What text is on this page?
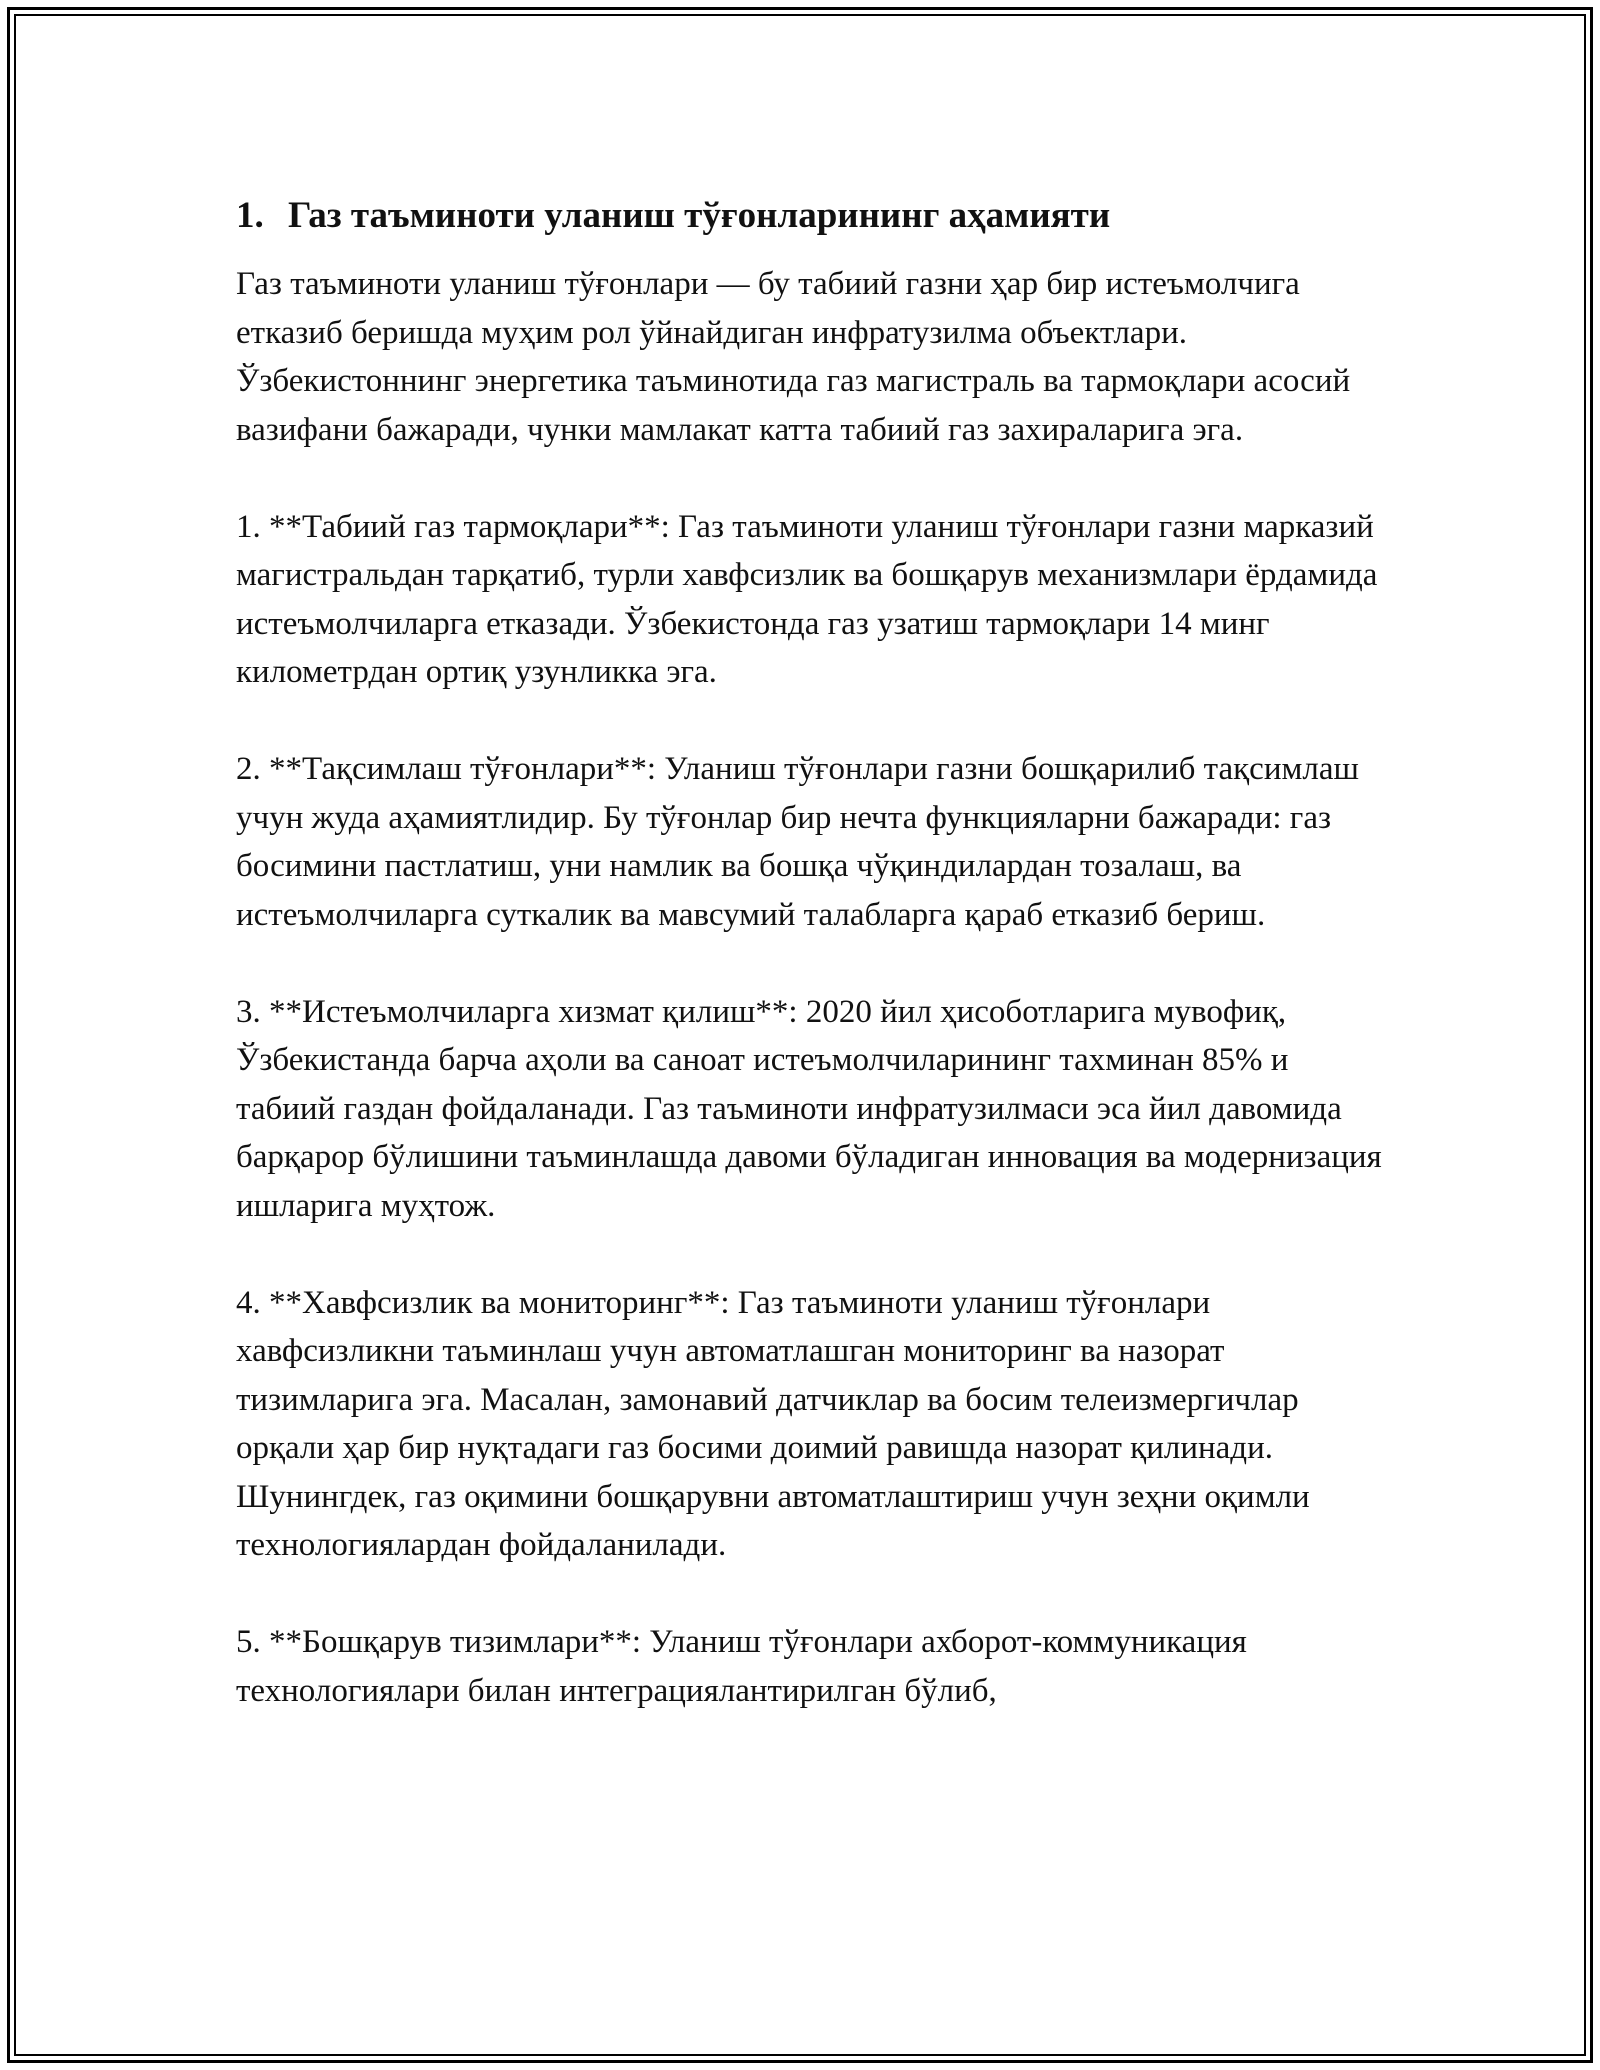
1. Газ таъминоти уланиш тўғонларининг аҳамияти

Газ таъминоти уланиш тўғонлари — бу табиий газни ҳар бир истеъмолчига етказиб беришда муҳим рол ўйнайдиган инфратузилма объектлари. Ўзбекистоннинг энергетика таъминотида газ магистраль ва тармоқлари асосий вазифани бажаради, чунки мамлакат катта табиий газ захираларига эга.

1. **Табиий газ тармоқлари**: Газ таъминоти уланиш тўғонлари газни марказий магистральдан тарқатиб, турли хавфсизлик ва бошқарув механизмлари ёрдамида истеъмолчиларга етказади. Ўзбекистонда газ узатиш тармоқлари 14 минг километрдан ортиқ узунликка эга.

2. **Тақсимлаш тўғонлари**: Уланиш тўғонлари газни бошқарилиб тақсимлаш учун жуда аҳамиятлидир. Бу тўғонлар бир нечта функцияларни бажаради: газ босимини пастлатиш, уни намлик ва бошқа чўқиндилардан тозалаш, ва истеъмолчиларга суткалик ва мавсумий талабларга қараб етказиб бериш.

3. **Истеъмолчиларга хизмат қилиш**: 2020 йил ҳисоботларига мувофиқ, Ўзбекистанда барча аҳоли ва саноат истеъмолчиларининг тахминан 85% и табиий газдан фойдаланади. Газ таъминоти инфратузилмаси эса йил давомида барқарор бўлишини таъминлашда давоми бўладиган инновация ва модернизация ишларига муҳтож.

4. **Хавфсизлик ва мониторинг**: Газ таъминоти уланиш тўғонлари хавфсизликни таъминлаш учун автоматлашган мониторинг ва назорат тизимларига эга. Масалан, замонавий датчиклар ва босим телеизмергичлар орқали ҳар бир нуқтадаги газ босими доимий равишда назорат қилинади. Шунингдек, газ оқимини бошқарувни автоматлаштириш учун зеҳни оқимли технологиялардан фойдаланилади.

5. **Бошқарув тизимлари**: Уланиш тўғонлари ахборот-коммуникация технологиялари билан интеграциялантирилган бўлиб,
